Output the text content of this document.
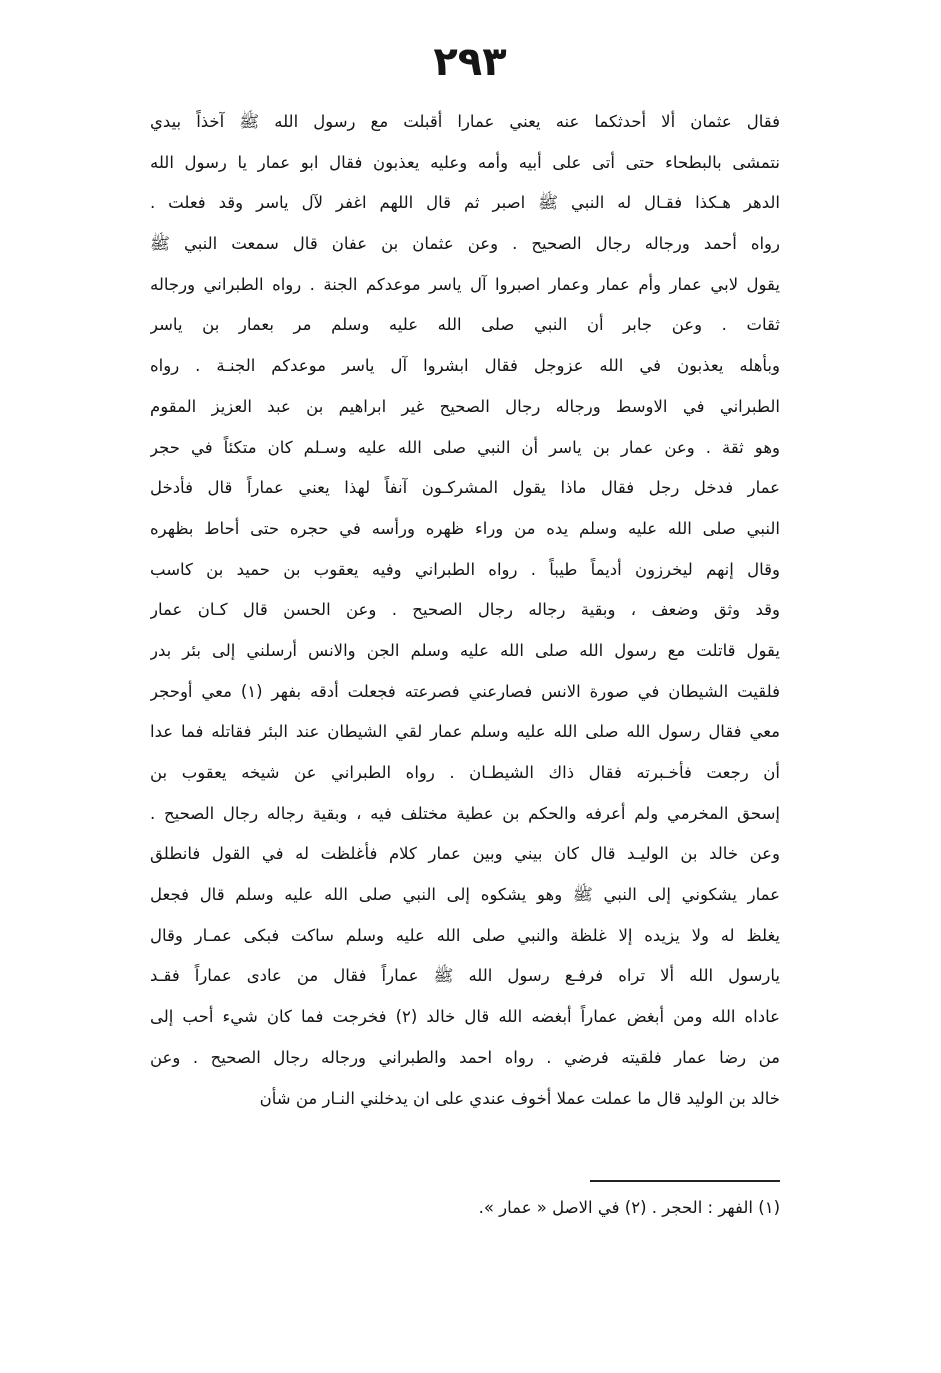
٢٩٣
فقال عثمان ألا أحدثكما عنه يعني عمارا أقبلت مع رسول الله ﷺ آخذاً بيدي
نتمشى بالبطحاء حتى أتى على أبيه وأمه وعليه يعذبون فقال ابو عمار يا رسول الله
الدهر هـكذا فقـال له النبي ﷺ اصبر ثم قال اللهم اغفر لآل ياسر وقد فعلت .
رواه أحمد ورجاله رجال الصحيح . وعن عثمان بن عفان قال سمعت النبي ﷺ
يقول لابي عمار وأم عمار وعمار اصبروا آل ياسر موعدكم الجنة . رواه الطبراني ورجاله
ثقات . وعن جابر أن النبي صلى الله عليه وسلم مر بعمار بن ياسر
وبأهله يعذبون في الله عزوجل فقال ابشروا آل ياسر موعدكم الجنـة . رواه
الطبراني في الاوسط ورجاله رجال الصحيح غير ابراهيم بن عبد العزيز المقوم
وهو ثقة . وعن عمار بن ياسر أن النبي صلى الله عليه وسـلم كان متكئاً في حجر
عمار فدخل رجل فقال ماذا يقول المشركـون آنفاً لهذا يعني عماراً قال فأدخل
النبي صلى الله عليه وسلم يده من وراء ظهره ورأسه في حجره حتى أحاط بظهره
وقال إنهم ليخرزون أديماً طيباً . رواه الطبراني وفيه يعقوب بن حميد بن كاسب
وقد وثق وضعف ، وبقية رجاله رجال الصحيح . وعن الحسن قال كـان عمار
يقول قاتلت مع رسول الله صلى الله عليه وسلم الجن والانس أرسلني إلى بئر بدر
فلقيت الشيطان في صورة الانس فصارعني فصرعته فجعلت أدقه بفهر (١) معي أوحجر
معي فقال رسول الله صلى الله عليه وسلم عمار لقي الشيطان عند البئر فقاتله فما عدا
أن رجعت فأخـبرته فقال ذاك الشيطـان . رواه الطبراني عن شيخه يعقوب بن
إسحق المخرمي ولم أعرفه والحكم بن عطية مختلف فيه ، وبقية رجاله رجال الصحيح .
وعن خالد بن الوليـد قال كان بيني وبين عمار كلام فأغلظت له في القول فانطلق
عمار يشكوني إلى النبي ﷺ وهو يشكوه إلى النبي صلى الله عليه وسلم قال فجعل
يغلظ له ولا يزيده إلا غلظة والنبي صلى الله عليه وسلم ساكت فبكى عمـار وقال
يارسول الله ألا تراه فرفـع رسول الله ﷺ عماراً فقال من عادى عماراً فقـد
عاداه الله ومن أبغض عماراً أبغضه الله قال خالد (٢) فخرجت فما كان شيء أحب إلى
من رضا عمار فلقيته فرضي . رواه احمد والطبراني ورجاله رجال الصحيح . وعن
خالد بن الوليد قال ما عملت عملا أخوف عندي على ان يدخلني النـار من شأن
(١) الفهر : الحجر . (٢) في الاصل « عمار ».
